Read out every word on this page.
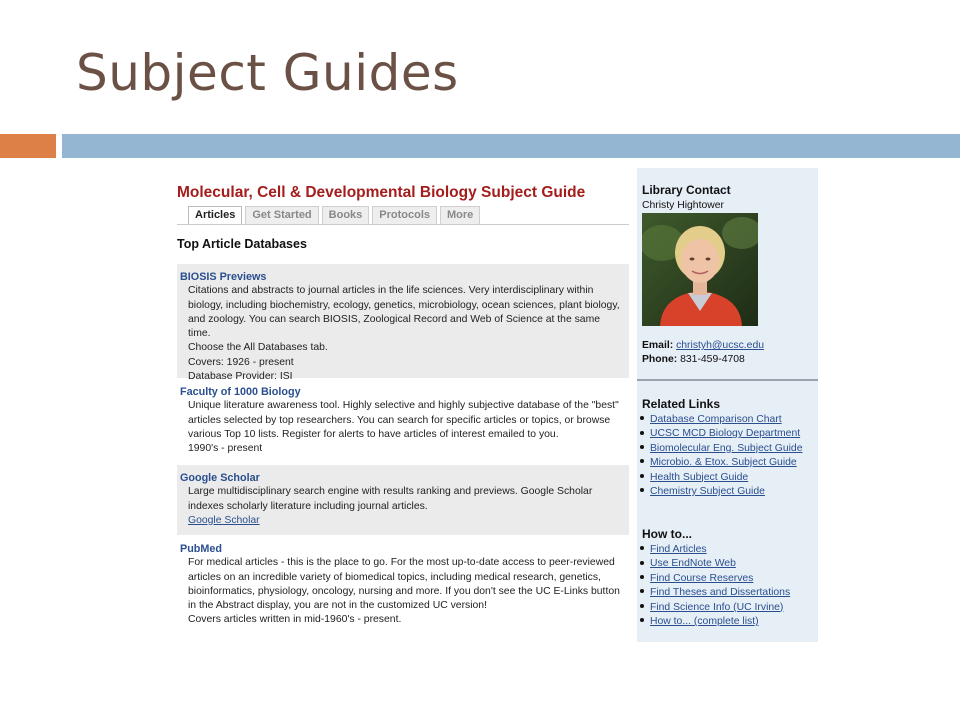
Subject Guides
Molecular, Cell & Developmental Biology Subject Guide
Articles	Get Started	Books	Protocols	More
Top Article Databases
BIOSIS Previews
Citations and abstracts to journal articles in the life sciences. Very interdisciplinary within
biology, including biochemistry, ecology, genetics, microbiology, ocean sciences, plant biology,
and zoology. You can search BIOSIS, Zoological Record and Web of Science at the same time.
Choose the All Databases tab.
Covers: 1926 - present
Database Provider: ISI
Faculty of 1000 Biology
Unique literature awareness tool. Highly selective and highly subjective database of the "best"
articles selected by top researchers. You can search for specific articles or topics, or browse
various Top 10 lists. Register for alerts to have articles of interest emailed to you.
1990's - present
Google Scholar
Large multidisciplinary search engine with results ranking and previews. Google Scholar
indexes scholarly literature including journal articles.
Google Scholar
PubMed
For medical articles - this is the place to go. For the most up-to-date access to peer-reviewed
articles on an incredible variety of biomedical topics, including medical research, genetics,
bioinformatics, physiology, oncology, nursing and more. If you don't see the UC E-Links button
in the Abstract display, you are not in the customized UC version!
Covers articles written in mid-1960's - present.
Library Contact
Christy Hightower
Email: christyh@ucsc.edu
Phone: 831-459-4708
Related Links
Database Comparison Chart
UCSC MCD Biology Department
Biomolecular Eng. Subject Guide
Microbio. & Etox. Subject Guide
Health Subject Guide
Chemistry Subject Guide
How to...
Find Articles
Use EndNote Web
Find Course Reserves
Find Theses and Dissertations
Find Science Info (UC Irvine)
How to... (complete list)
